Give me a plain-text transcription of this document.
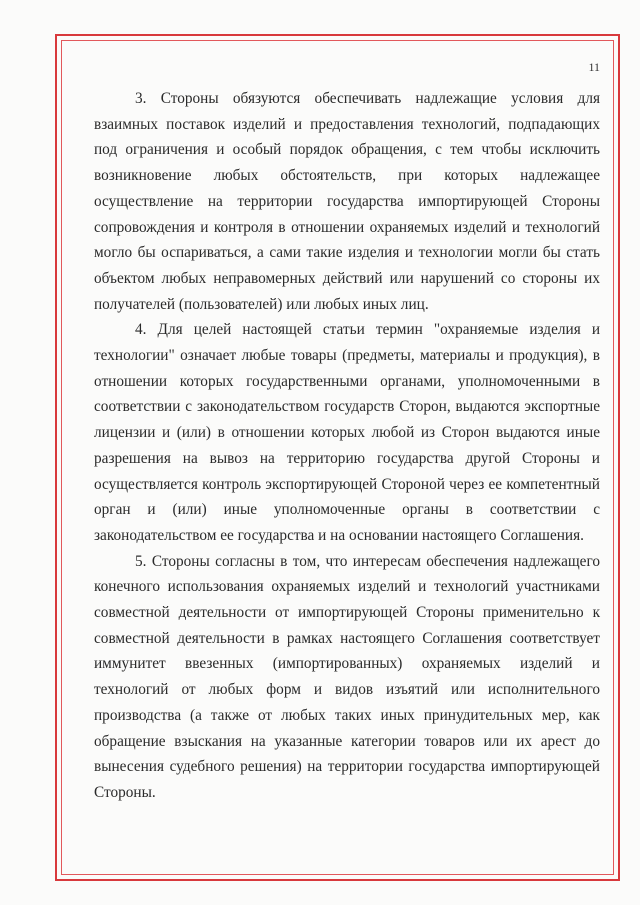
11

3. Стороны обязуются обеспечивать надлежащие условия для взаимных поставок изделий и предоставления технологий, подпадающих под ограничения и особый порядок обращения, с тем чтобы исключить возникновение любых обстоятельств, при которых надлежащее осуществление на территории государства импортирующей Стороны сопровождения и контроля в отношении охраняемых изделий и технологий могло бы оспариваться, а сами такие изделия и технологии могли бы стать объектом любых неправомерных действий или нарушений со стороны их получателей (пользователей) или любых иных лиц.

4. Для целей настоящей статьи термин "охраняемые изделия и технологии" означает любые товары (предметы, материалы и продукция), в отношении которых государственными органами, уполномоченными в соответствии с законодательством государств Сторон, выдаются экспортные лицензии и (или) в отношении которых любой из Сторон выдаются иные разрешения на вывоз на территорию государства другой Стороны и осуществляется контроль экспортирующей Стороной через ее компетентный орган и (или) иные уполномоченные органы в соответствии с законодательством ее государства и на основании настоящего Соглашения.

5. Стороны согласны в том, что интересам обеспечения надлежащего конечного использования охраняемых изделий и технологий участниками совместной деятельности от импортирующей Стороны применительно к совместной деятельности в рамках настоящего Соглашения соответствует иммунитет ввезенных (импортированных) охраняемых изделий и технологий от любых форм и видов изъятий или исполнительного производства (а также от любых таких иных принудительных мер, как обращение взыскания на указанные категории товаров или их арест до вынесения судебного решения) на территории государства импортирующей Стороны.
